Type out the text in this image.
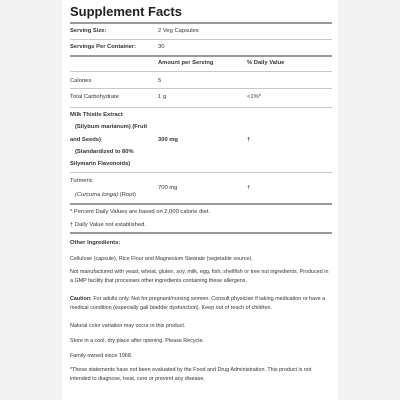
Supplement Facts
Serving Size:	2 Veg Capsules
Servings Per Container:	30
Amount per Serving	% Daily Value
Calories	5
Total Carbohydrate	1 g	<1%*
Milk Thistle Extract
(Silybum marianum) (Fruit
and Seeds)	300 mg	†
(Standardized to 80%
Silymarin Flavonoids)
Turmeric
(Curcuma longa) (Root)
700 mg	†
* Percent Daily Values are based on 2,000 calorie diet.
† Daily Value not established.
Other Ingredients:
Cellulose (capsule), Rice Flour and Magnesium Stearate (vegetable source).
Not manufactured with yeast, wheat, gluten, soy, milk, egg, fish, shellfish or tree nut ingredients. Produced in
a GMP facility that processes other ingredients containing these allergens.
Caution: For adults only. Not for pregnant/nursing women. Consult physician if taking medication or have a
medical condition (especially gall bladder dysfunction). Keep out of reach of children.
Natural color variation may occur in this product.
Store in a cool, dry place after opening. Please Recycle.
Family owned since 1968.
*These statements have not been evaluated by the Food and Drug Administration. This product is not
intended to diagnose, treat, cure or prevent any disease.
